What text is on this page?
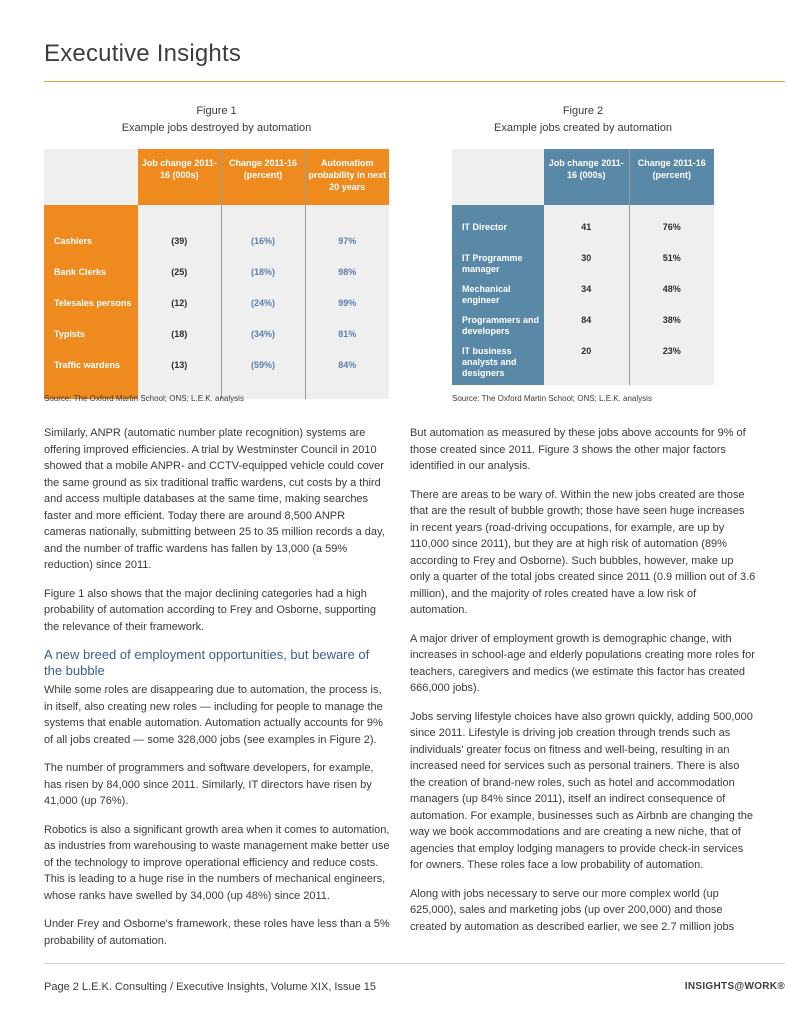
Executive Insights
Figure 1
Example jobs destroyed by automation
	Job change 2011-16 (000s)	Change 2011-16 (percent)	Automatiom probability in next 20 years

Cashiers	(39)	(16%)	97%
Bank Clerks	(25)	(18%)	98%
Telesales persons	(12)	(24%)	99%
Typists	(18)	(34%)	81%
Traffic wardens	(13)	(59%)	84%
Source: The Oxford Martin School; ONS; L.E.K. analysis
Figure 2
Example jobs created by automation
	Job change 2011-16 (000s)	Change 2011-16 (percent)

IT Director	41	76%
IT Programme manager	30	51%
Mechanical engineer	34	48%
Programmers and developers	84	38%
IT business analysts and designers	20	23%
Source: The Oxford Martin School; ONS; L.E.K. analysis

Similarly, ANPR (automatic number plate recognition) systems are offering improved efficiencies. A trial by Westminster Council in 2010 showed that a mobile ANPR- and CCTV-equipped vehicle could cover the same ground as six traditional traffic wardens, cut costs by a third and access multiple databases at the same time, making searches faster and more efficient. Today there are around 8,500 ANPR cameras nationally, submitting between 25 to 35 million records a day, and the number of traffic wardens has fallen by 13,000 (a 59% reduction) since 2011.

Figure 1 also shows that the major declining categories had a high probability of automation according to Frey and Osborne, supporting the relevance of their framework.

A new breed of employment opportunities, but beware of the bubble

While some roles are disappearing due to automation, the process is, in itself, also creating new roles — including for people to manage the systems that enable automation. Automation actually accounts for 9% of all jobs created — some 328,000 jobs (see examples in Figure 2).

The number of programmers and software developers, for example, has risen by 84,000 since 2011. Similarly, IT directors have risen by 41,000 (up 76%).

Robotics is also a significant growth area when it comes to automation, as industries from warehousing to waste management make better use of the technology to improve operational efficiency and reduce costs. This is leading to a huge rise in the numbers of mechanical engineers, whose ranks have swelled by 34,000 (up 48%) since 2011.

Under Frey and Osborne's framework, these roles have less than a 5% probability of automation.

But automation as measured by these jobs above accounts for 9% of those created since 2011. Figure 3 shows the other major factors identified in our analysis.

There are areas to be wary of. Within the new jobs created are those that are the result of bubble growth; those have seen huge increases in recent years (road-driving occupations, for example, are up by 110,000 since 2011), but they are at high risk of automation (89% according to Frey and Osborne). Such bubbles, however, make up only a quarter of the total jobs created since 2011 (0.9 million out of 3.6 million), and the majority of roles created have a low risk of automation.

A major driver of employment growth is demographic change, with increases in school-age and elderly populations creating more roles for teachers, caregivers and medics (we estimate this factor has created 666,000 jobs).

Jobs serving lifestyle choices have also grown quickly, adding 500,000 since 2011. Lifestyle is driving job creation through trends such as individuals' greater focus on fitness and well-being, resulting in an increased need for services such as personal trainers. There is also the creation of brand-new roles, such as hotel and accommodation managers (up 84% since 2011), itself an indirect consequence of automation. For example, businesses such as Airbnb are changing the way we book accommodations and are creating a new niche, that of agencies that employ lodging managers to provide check-in services for owners. These roles face a low probability of automation.

Along with jobs necessary to serve our more complex world (up 625,000), sales and marketing jobs (up over 200,000) and those created by automation as described earlier, we see 2.7 million jobs

Page 2 L.E.K. Consulting / Executive Insights, Volume XIX, Issue 15	INSIGHTS@WORK®
